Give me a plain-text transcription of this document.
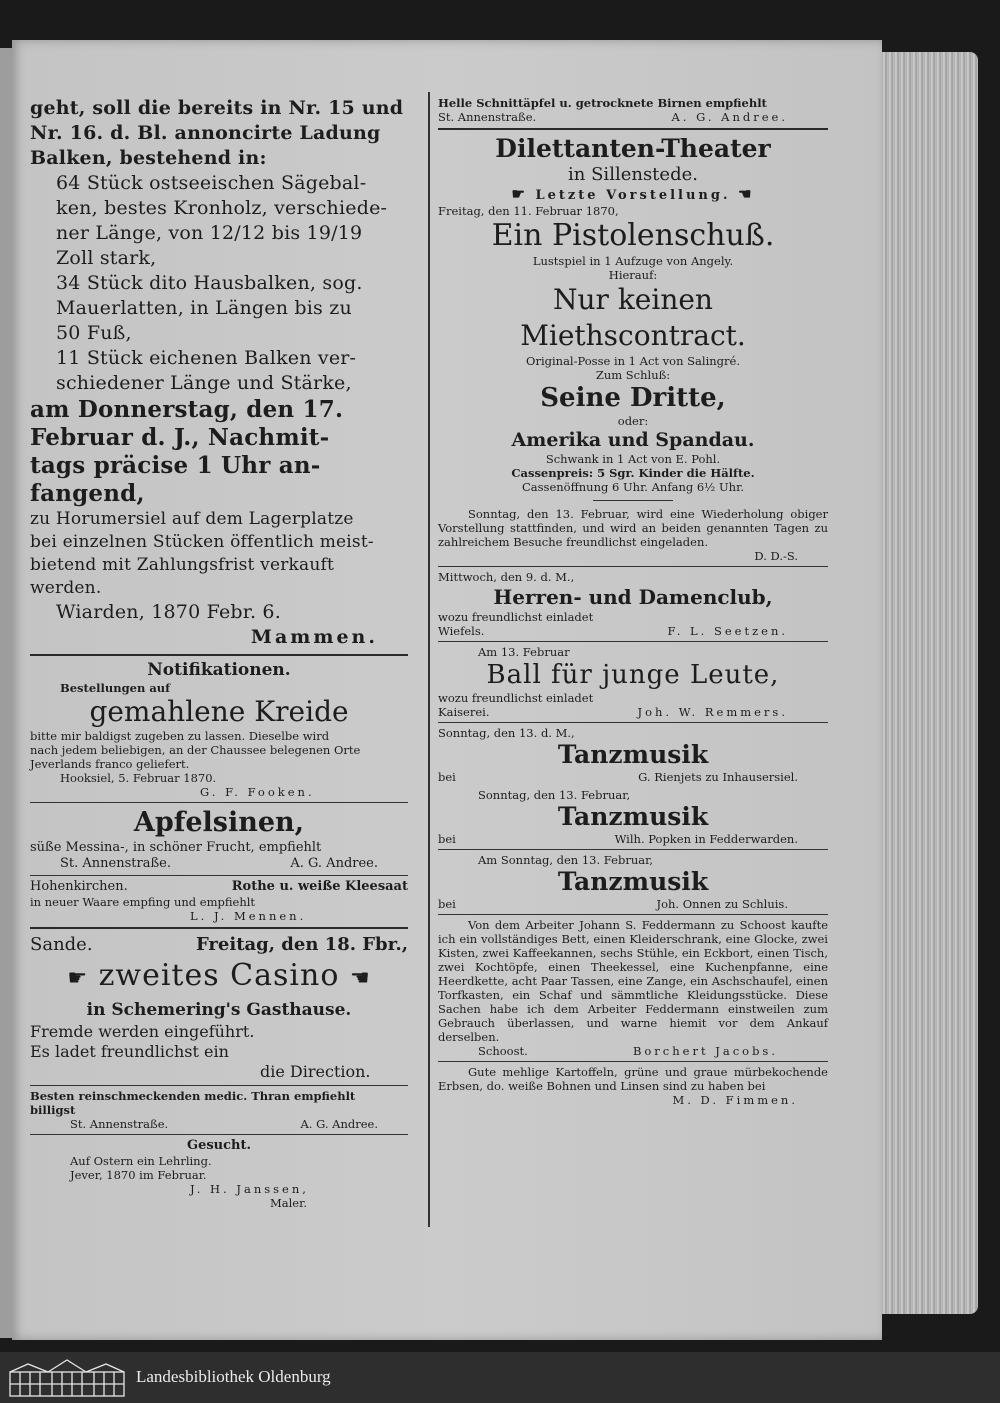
geht, soll die bereits in Nr. 15 und
Nr. 16. d. Bl. annoncirte Ladung
Balken, bestehend in:
64 Stück ostseeischen Sägebal-
ken, bestes Kronholz, verschiede-
ner Länge, von 12/12 bis 19/19
Zoll stark,
34 Stück dito Hausbalken, sog.
Mauerlatten, in Längen bis zu
50 Fuß,
11 Stück eichenen Balken ver-
schiedener Länge und Stärke,
am Donnerstag, den 17.
Februar d. J., Nachmit-
tags präcise 1 Uhr an-
fangend,
zu Horumersiel auf dem Lagerplatze
bei einzelnen Stücken öffentlich meist-
bietend mit Zahlungsfrist verkauft
werden.
Wiarden, 1870 Febr. 6.
Mammen.
Notifikationen.
Bestellungen auf
gemahlene Kreide
bitte mir baldigst zugeben zu lassen. Dieselbe wird
nach jedem beliebigen, an der Chaussee belegenen Orte
Jeverlands franco geliefert.
Hooksiel, 5. Februar 1870.
G. F. Fooken.
Apfelsinen,
süße Messina-, in schöner Frucht, empfiehlt
St. Annenstraße.	A. G. Andree.
Hohenkirchen.	Rothe u. weiße Kleesaat
in neuer Waare empfing und empfiehlt
L. J. Mennen.
Sande.	Freitag, den 18. Fbr.,
☛ zweites Casino ☚
in Schemering's Gasthause.
Fremde werden eingeführt.
Es ladet freundlichst ein
die Direction.
Besten reinschmeckenden medic. Thran empfiehlt
billigst
St. Annenstraße.	A. G. Andree.
Gesucht.
Auf Ostern ein Lehrling.
Jever, 1870 im Februar.
J. H. Janssen,
Maler.
Helle Schnittäpfel u. getrocknete Birnen empfiehlt
St. Annenstraße.	A. G. Andree.
Dilettanten-Theater
in Sillenstede.
☛ Letzte Vorstellung. ☚
Freitag, den 11. Februar 1870,
Ein Pistolenschuß.
Lustspiel in 1 Aufzuge von Angely.
Hierauf:
Nur keinen Miethscontract.
Original-Posse in 1 Act von Salingré.
Zum Schluß:
Seine Dritte,
oder:
Amerika und Spandau.
Schwank in 1 Act von E. Pohl.
Cassenpreis: 5 Sgr. Kinder die Hälfte.
Cassenöffnung 6 Uhr. Anfang 6½ Uhr.
Sonntag, den 13. Februar, wird eine Wiederholung obiger Vorstellung stattfinden, und wird an beiden genannten Tagen zu zahlreichem Besuche freundlichst eingeladen.
D. D.-S.
Mittwoch, den 9. d. M.,
Herren- und Damenclub,
wozu freundlichst einladet
Wiefels.	F. L. Seetzen.
Am 13. Februar
Ball für junge Leute,
wozu freundlichst einladet
Kaiserei.	Joh. W. Remmers.
Sonntag, den 13. d. M.,
Tanzmusik
bei	G. Rienjets zu Inhausersiel.
Sonntag, den 13. Februar,
Tanzmusik
bei	Wilh. Popken in Fedderwarden.
Am Sonntag, den 13. Februar,
Tanzmusik
bei	Joh. Onnen zu Schluis.
Von dem Arbeiter Johann S. Feddermann zu Schoost kaufte ich ein vollständiges Bett, einen Kleiderschrank, eine Glocke, zwei Kisten, zwei Kaffeekannen, sechs Stühle, ein Eckbort, einen Tisch, zwei Kochtöpfe, einen Theekessel, eine Kuchenpfanne, eine Heerdkette, acht Paar Tassen, eine Zange, ein Aschschaufel, einen Torfkasten, ein Schaf und sämmtliche Kleidungsstücke. Diese Sachen habe ich dem Arbeiter Feddermann einstweilen zum Gebrauch überlassen, und warne hiemit vor dem Ankauf derselben.
Schoost.	Borchert Jacobs.
Gute mehlige Kartoffeln, grüne und graue mürbekochende Erbsen, do. weiße Bohnen und Linsen sind zu haben bei
M. D. Fimmen.
Landesbibliothek Oldenburg
